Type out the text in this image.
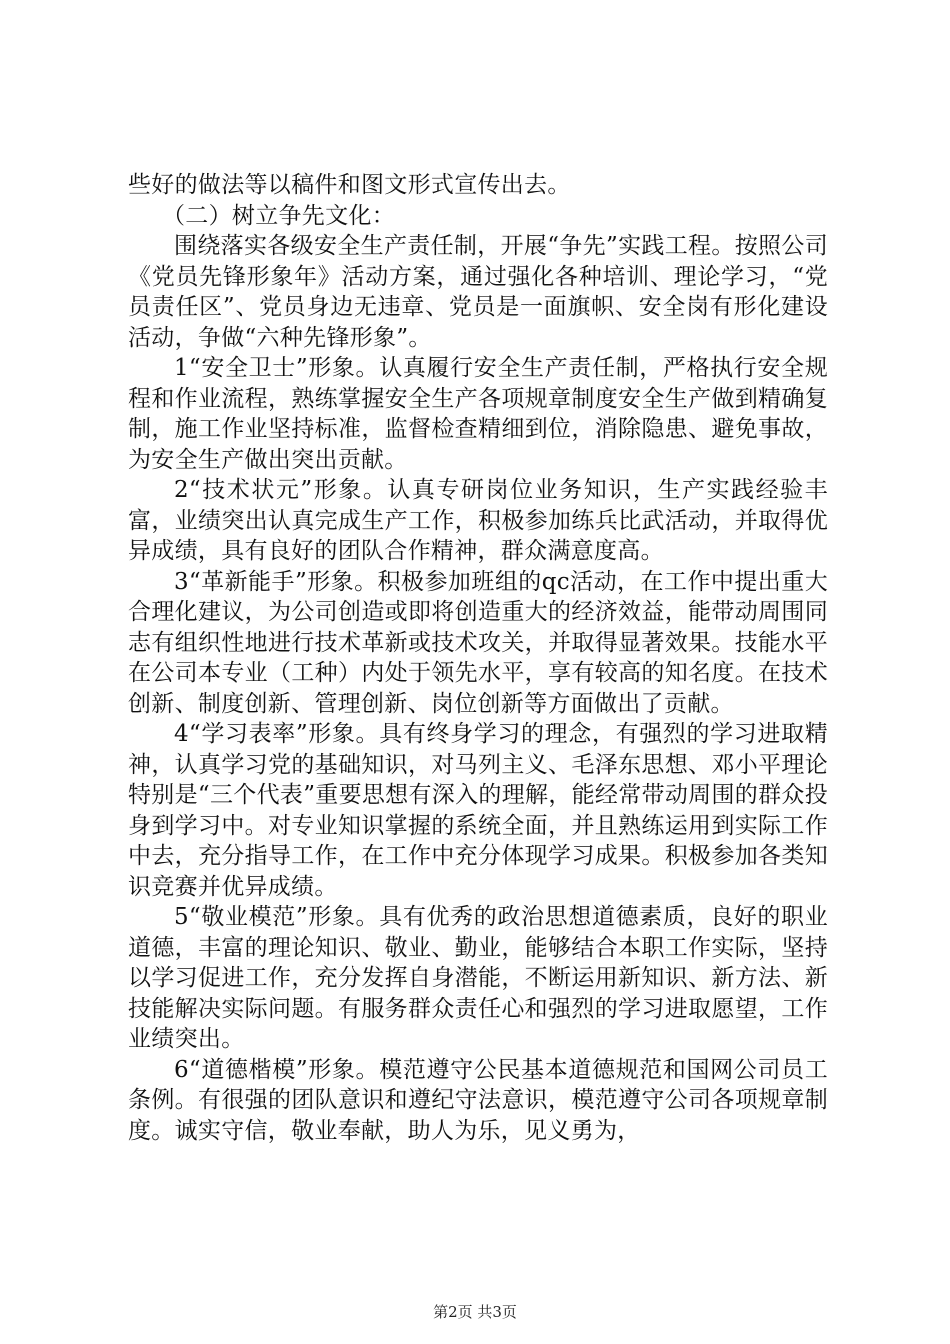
些好的做法等以稿件和图文形式宣传出去。

（二）树立争先文化：

围绕落实各级安全生产责任制，开展“争先”实践工程。按照公司《党员先锋形象年》活动方案，通过强化各种培训、理论学习，“党员责任区”、党员身边无违章、党员是一面旗帜、安全岗有形化建设活动，争做“六种先锋形象”。

1“安全卫士”形象。认真履行安全生产责任制，严格执行安全规程和作业流程，熟练掌握安全生产各项规章制度安全生产做到精确复制，施工作业坚持标准，监督检查精细到位，消除隐患、避免事故，为安全生产做出突出贡献。

2“技术状元”形象。认真专研岗位业务知识，生产实践经验丰富，业绩突出认真完成生产工作，积极参加练兵比武活动，并取得优异成绩，具有良好的团队合作精神，群众满意度高。

3“革新能手”形象。积极参加班组的qc活动，在工作中提出重大合理化建议，为公司创造或即将创造重大的经济效益，能带动周围同志有组织性地进行技术革新或技术攻关，并取得显著效果。技能水平在公司本专业（工种）内处于领先水平，享有较高的知名度。在技术创新、制度创新、管理创新、岗位创新等方面做出了贡献。

4“学习表率”形象。具有终身学习的理念，有强烈的学习进取精神，认真学习党的基础知识，对马列主义、毛泽东思想、邓小平理论特别是“三个代表”重要思想有深入的理解，能经常带动周围的群众投身到学习中。对专业知识掌握的系统全面，并且熟练运用到实际工作中去，充分指导工作，在工作中充分体现学习成果。积极参加各类知识竞赛并优异成绩。

5“敬业模范”形象。具有优秀的政治思想道德素质，良好的职业道德，丰富的理论知识、敬业、勤业，能够结合本职工作实际，坚持以学习促进工作，充分发挥自身潜能，不断运用新知识、新方法、新技能解决实际问题。有服务群众责任心和强烈的学习进取愿望，工作业绩突出。

6“道德楷模”形象。模范遵守公民基本道德规范和国网公司员工条例。有很强的团队意识和遵纪守法意识，模范遵守公司各项规章制度。诚实守信，敬业奉献，助人为乐，见义勇为，

第2页 共3页
